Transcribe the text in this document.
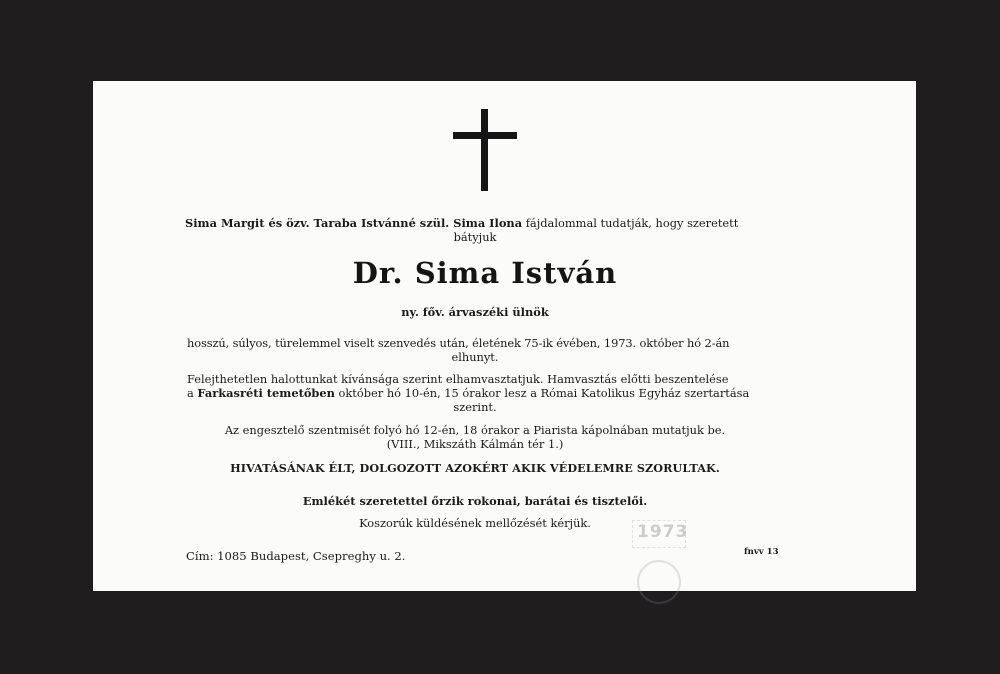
Sima Margit és özv. Taraba Istvánné szül. Sima Ilona fájdalommal tudatják, hogy szeretett
bátyjuk
Dr. Sima István
ny. főv. árvaszéki ülnök
hosszú, súlyos, türelemmel viselt szenvedés után, életének 75-ik évében, 1973. október hó 2-án
elhunyt.
Felejthetetlen halottunkat kívánsága szerint elhamvasztatjuk. Hamvasztás előtti beszentelése
a Farkasréti temetőben október hó 10-én, 15 órakor lesz a Római Katolikus Egyház szertartása
szerint.
Az engesztelő szentmisét folyó hó 12-én, 18 órakor a Piarista kápolnában mutatjuk be.
(VIII., Mikszáth Kálmán tér 1.)
HIVATÁSÁNAK ÉLT, DOLGOZOTT AZOKÉRT AKIK VÉDELEMRE SZORULTAK.
Emlékét szeretettel őrzik rokonai, barátai és tisztelői.
Koszorúk küldésének mellőzését kérjük.	1973
Cím: 1085 Budapest, Csepreghy u. 2.	fnvv 13
